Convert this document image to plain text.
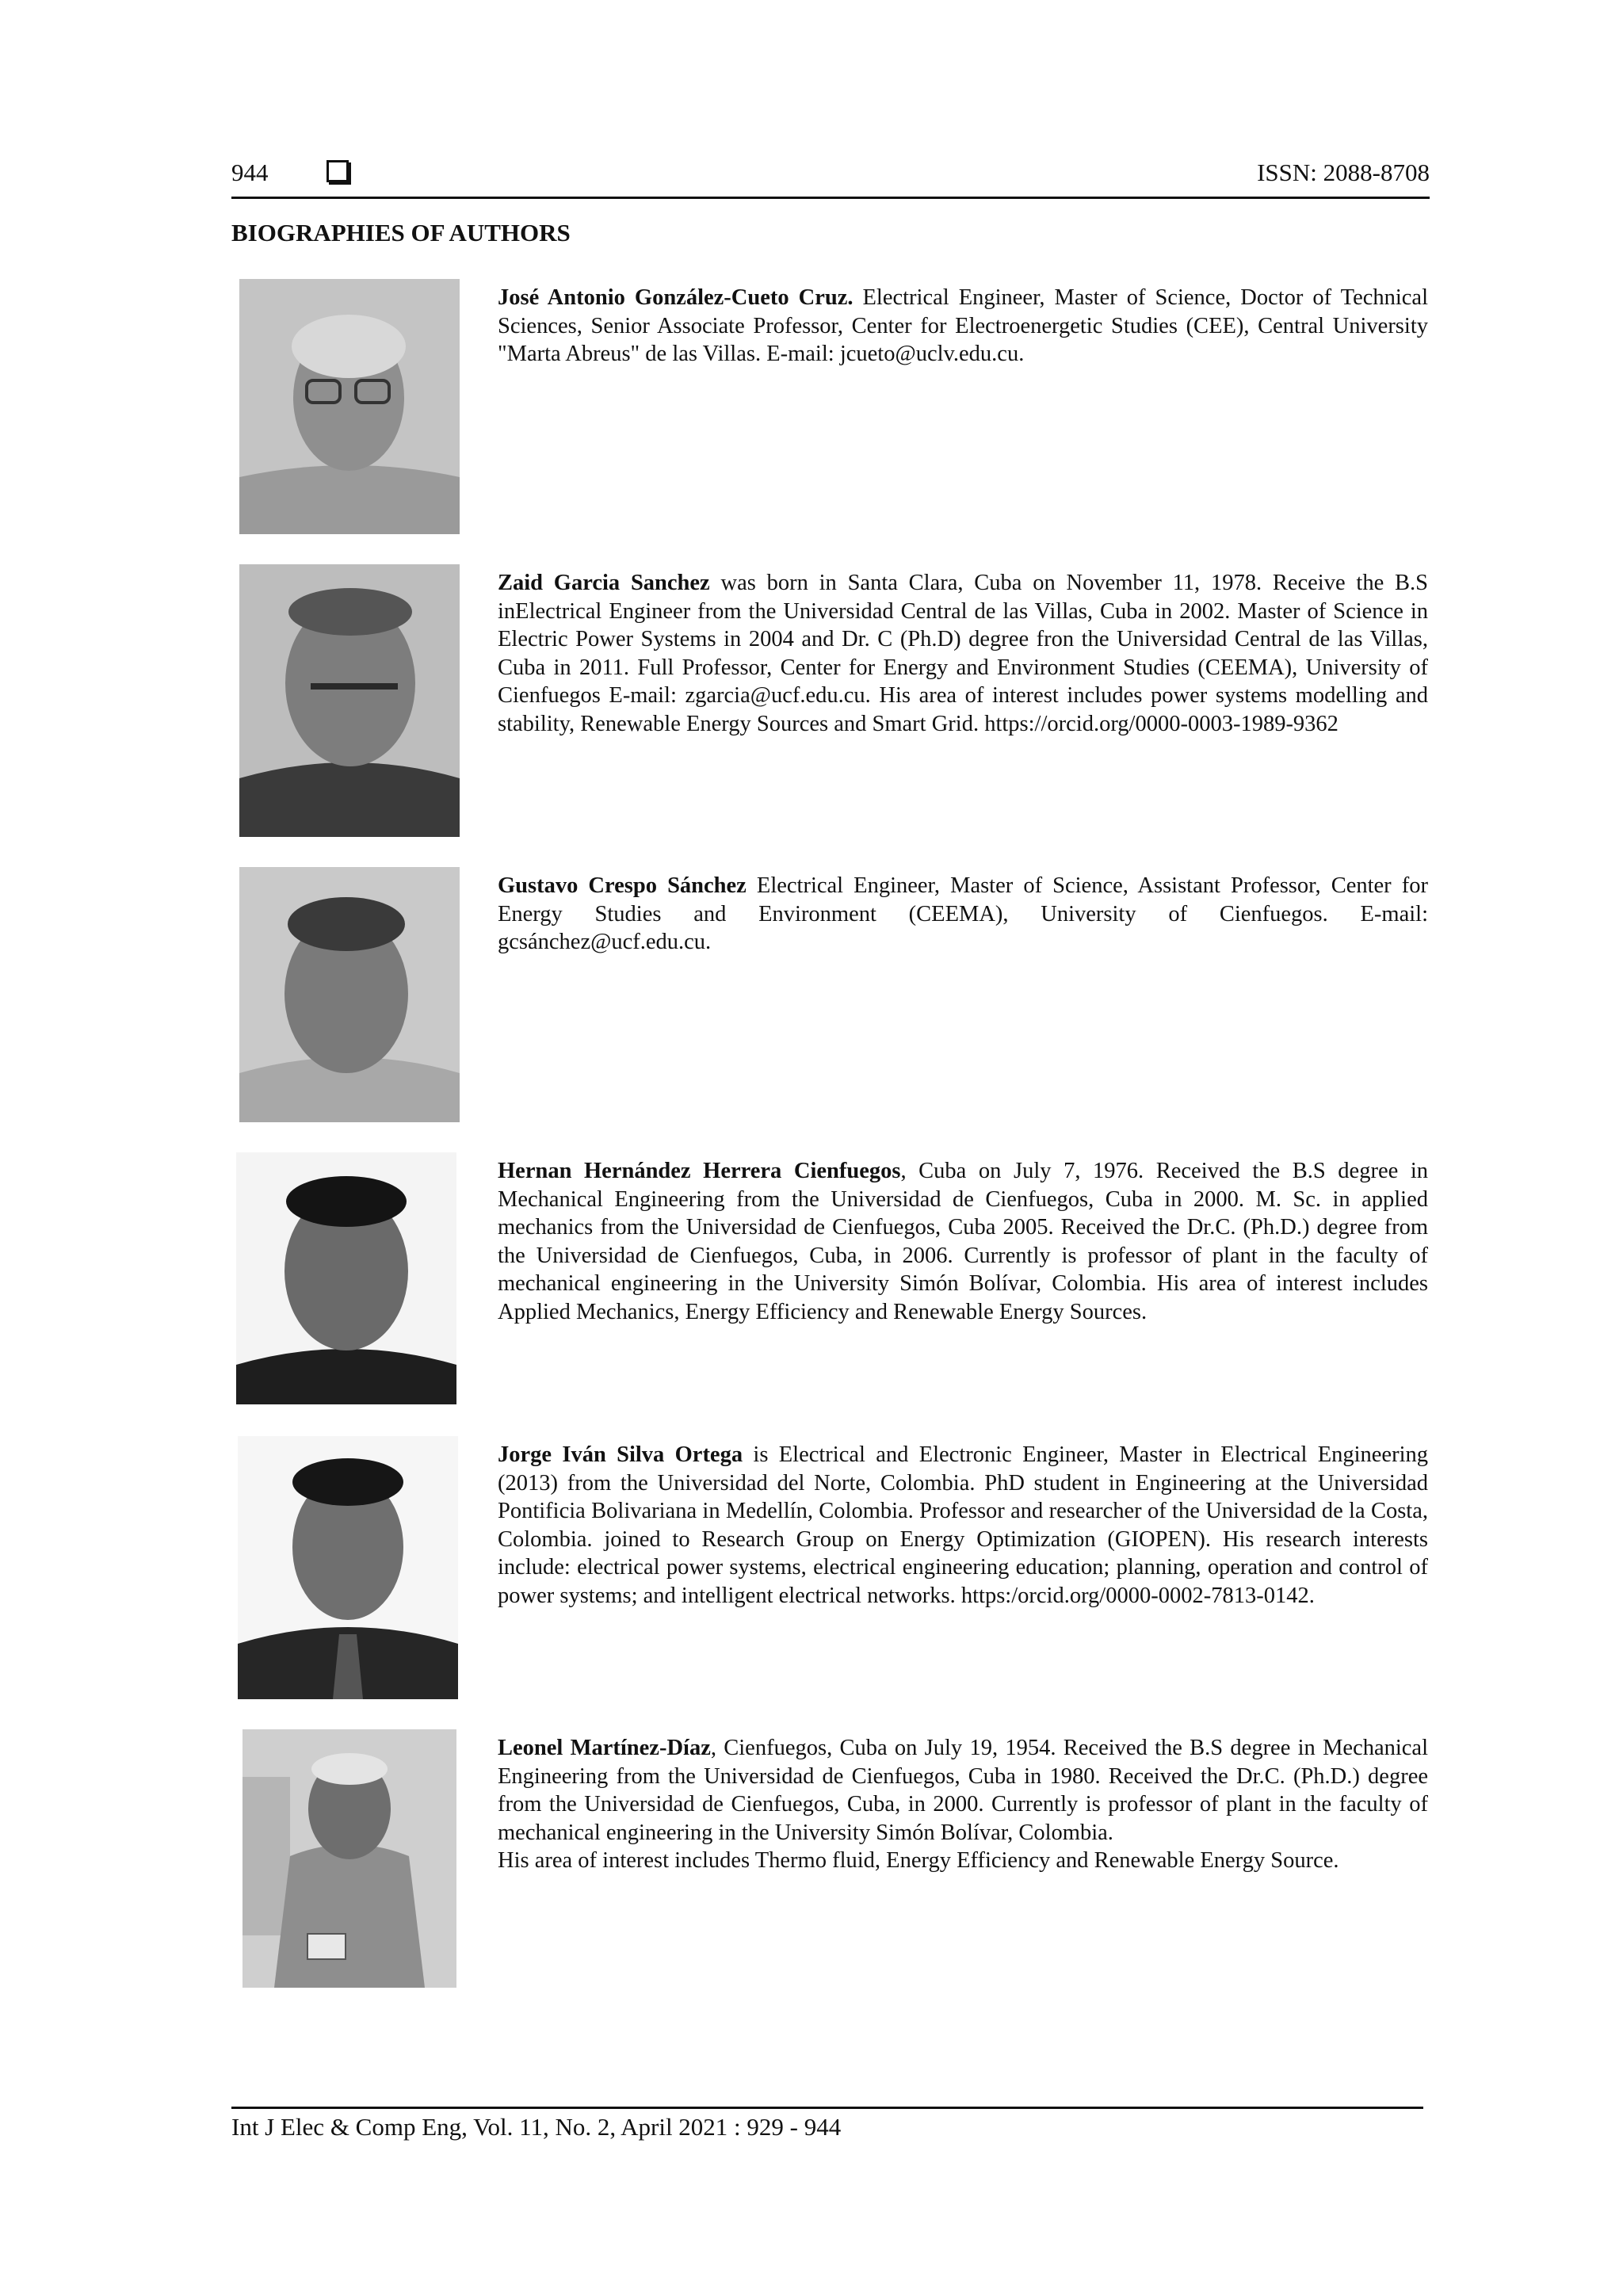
944	ISSN: 2088-8708
BIOGRAPHIES OF AUTHORS

José Antonio González-Cueto Cruz. Electrical Engineer, Master of Science, Doctor of Technical Sciences, Senior Associate Professor, Center for Electroenergetic Studies (CEE), Central University "Marta Abreus" de las Villas. E-mail: jcueto@uclv.edu.cu.

Zaid Garcia Sanchez was born in Santa Clara, Cuba on November 11, 1978. Receive the B.S inElectrical Engineer from the Universidad Central de las Villas, Cuba in 2002. Master of Science in Electric Power Systems in 2004 and Dr. C (Ph.D) degree fron the Universidad Central de las Villas, Cuba in 2011. Full Professor, Center for Energy and Environment Studies (CEEMA), University of Cienfuegos E-mail: zgarcia@ucf.edu.cu. His area of interest includes power systems modelling and stability, Renewable Energy Sources and Smart Grid. https://orcid.org/0000-0003-1989-9362

Gustavo Crespo Sánchez Electrical Engineer, Master of Science, Assistant Professor, Center for Energy Studies and Environment (CEEMA), University of Cienfuegos. E-mail: gcsánchez@ucf.edu.cu.

Hernan Hernández Herrera Cienfuegos, Cuba on July 7, 1976. Received the B.S degree in Mechanical Engineering from the Universidad de Cienfuegos, Cuba in 2000. M. Sc. in applied mechanics from the Universidad de Cienfuegos, Cuba 2005. Received the Dr.C. (Ph.D.) degree from the Universidad de Cienfuegos, Cuba, in 2006. Currently is professor of plant in the faculty of mechanical engineering in the University Simón Bolívar, Colombia. His area of interest includes Applied Mechanics, Energy Efficiency and Renewable Energy Sources.

Jorge Iván Silva Ortega is Electrical and Electronic Engineer, Master in Electrical Engineering (2013) from the Universidad del Norte, Colombia. PhD student in Engineering at the Universidad Pontificia Bolivariana in Medellín, Colombia. Professor and researcher of the Universidad de la Costa, Colombia. joined to Research Group on Energy Optimization (GIOPEN). His research interests include: electrical power systems, electrical engineering education; planning, operation and control of power systems; and intelligent electrical networks. https:/orcid.org/0000-0002-7813-0142.

Leonel Martínez-Díaz, Cienfuegos, Cuba on July 19, 1954. Received the B.S degree in Mechanical Engineering from the Universidad de Cienfuegos, Cuba in 1980. Received the Dr.C. (Ph.D.) degree from the Universidad de Cienfuegos, Cuba, in 2000. Currently is professor of plant in the faculty of mechanical engineering in the University Simón Bolívar, Colombia.
His area of interest includes Thermo fluid, Energy Efficiency and Renewable Energy Source.

Int J Elec & Comp Eng, Vol. 11, No. 2, April 2021 : 929 - 944
